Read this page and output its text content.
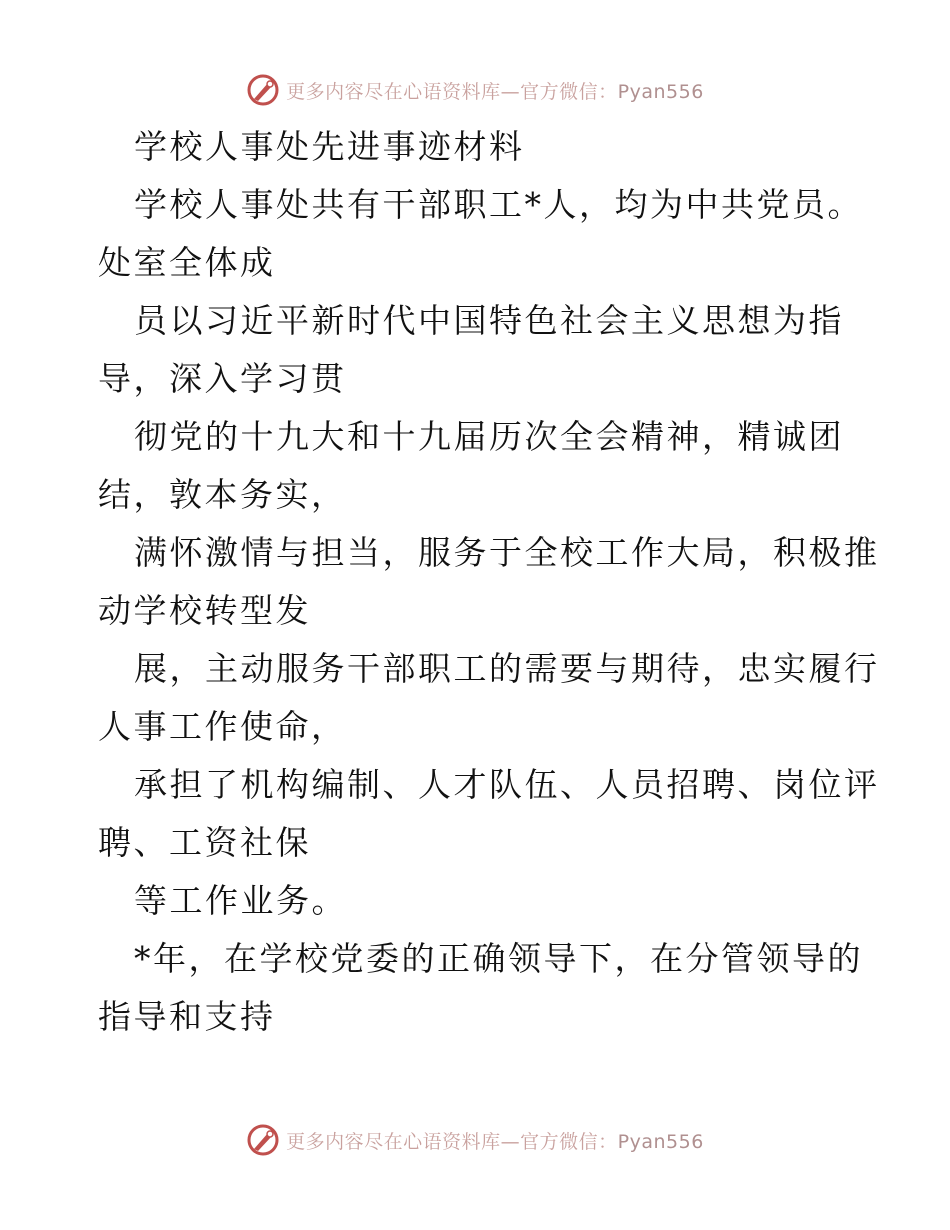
更多内容尽在心语资料库—官方微信：Pyan556
学校人事处先进事迹材料
学校人事处共有干部职工*人，均为中共党员。
处室全体成
员以习近平新时代中国特色社会主义思想为指
导，深入学习贯
彻党的十九大和十九届历次全会精神，精诚团
结，敦本务实，
满怀激情与担当，服务于全校工作大局，积极推
动学校转型发
展，主动服务干部职工的需要与期待，忠实履行
人事工作使命，
承担了机构编制、人才队伍、人员招聘、岗位评
聘、工资社保
等工作业务。
*年，在学校党委的正确领导下，在分管领导的
指导和支持
更多内容尽在心语资料库—官方微信：Pyan556
